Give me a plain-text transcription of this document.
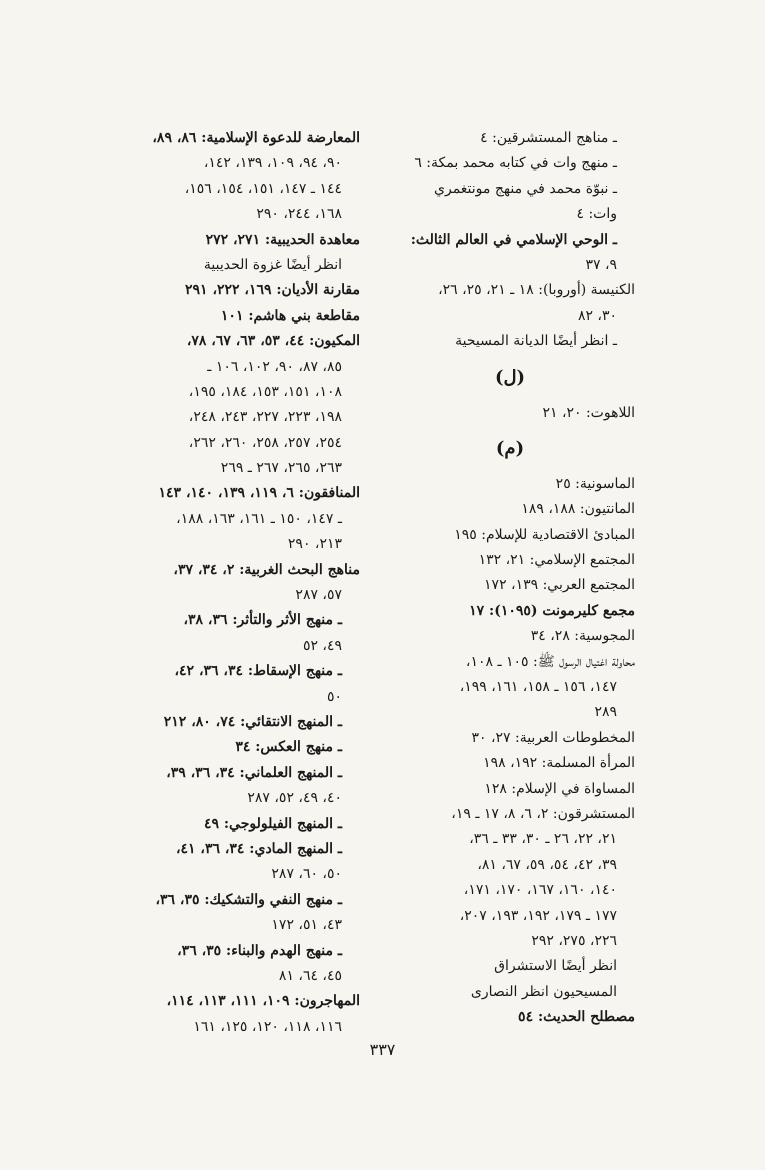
ـ مناهج المستشرقين: ٤
ـ منهج وات في كتابه محمد بمكة: ٦
ـ نبوّة محمد في منهج مونتغمري
وات: ٤
ـ الوحي الإسلامي في العالم الثالث:
٩، ٣٧
الكنيسة (أوروبا): ١٨ ـ ٢١، ٢٥، ٢٦،
٣٠، ٨٢
ـ انظر أيضًا الديانة المسيحية
(ل)
اللاهوت: ٢٠، ٢١
(م)
الماسونية: ٢٥
المانتيون: ١٨٨، ١٨٩
المبادئ الاقتصادية للإسلام: ١٩٥
المجتمع الإسلامي: ٢١، ١٣٢
المجتمع العربي: ١٣٩، ١٧٢
مجمع كليرمونت (١٠٩٥): ١٧
المجوسية: ٢٨، ٣٤
محاولة اغتيال الرسول ﷺ: ١٠٥ ـ ١٠٨،
١٤٧، ١٥٦ ـ ١٥٨، ١٦١، ١٩٩،
٢٨٩
المخطوطات العربية: ٢٧، ٣٠
المرأة المسلمة: ١٩٢، ١٩٨
المساواة في الإسلام: ١٢٨
المستشرقون: ٢، ٦، ٨، ١٧ ـ ١٩،
٢١، ٢٢، ٢٦ ـ ٣٠، ٣٣ ـ ٣٦،
٣٩، ٤٢، ٥٤، ٥٩، ٦٧، ٨١،
١٤٠، ١٦٠، ١٦٧، ١٧٠، ١٧١،
١٧٧ ـ ١٧٩، ١٩٢، ١٩٣، ٢٠٧،
٢٢٦، ٢٧٥، ٢٩٢
انظر أيضًا الاستشراق
المسيحيون انظر النصارى
مصطلح الحديث: ٥٤
المعارضة للدعوة الإسلامية: ٨٦، ٨٩،
٩٠، ٩٤، ١٠٩، ١٣٩، ١٤٢،
١٤٤ ـ ١٤٧، ١٥١، ١٥٤، ١٥٦،
١٦٨، ٢٤٤، ٢٩٠
معاهدة الحديبية: ٢٧١، ٢٧٢
انظر أيضًا غزوة الحديبية
مقارنة الأديان: ١٦٩، ٢٢٢، ٢٩١
مقاطعة بني هاشم: ١٠١
المكيون: ٤٤، ٥٣، ٦٣، ٦٧، ٧٨،
٨٥، ٨٧، ٩٠، ١٠٢، ١٠٦ ـ
١٠٨، ١٥١، ١٥٣، ١٨٤، ١٩٥،
١٩٨، ٢٢٣، ٢٢٧، ٢٤٣، ٢٤٨،
٢٥٤، ٢٥٧، ٢٥٨، ٢٦٠، ٢٦٢،
٢٦٣، ٢٦٥، ٢٦٧ ـ ٢٦٩
المنافقون: ٦، ١١٩، ١٣٩، ١٤٠، ١٤٣
ـ ١٤٧، ١٥٠ ـ ١٦١، ١٦٣، ١٨٨،
٢١٣، ٢٩٠
مناهج البحث الغربية: ٢، ٣٤، ٣٧،
٥٧، ٢٨٧
ـ منهج الأثر والتأثر: ٣٦، ٣٨،
٤٩، ٥٢
ـ منهج الإسقاط: ٣٤، ٣٦، ٤٢،
٥٠
ـ المنهج الانتقائي: ٧٤، ٨٠، ٢١٢
ـ منهج العكس: ٣٤
ـ المنهج العلماني: ٣٤، ٣٦، ٣٩،
٤٠، ٤٩، ٥٢، ٢٨٧
ـ المنهج الفيلولوجي: ٤٩
ـ المنهج المادي: ٣٤، ٣٦، ٤١،
٥٠، ٦٠، ٢٨٧
ـ منهج النفي والتشكيك: ٣٥، ٣٦،
٤٣، ٥١، ١٧٢
ـ منهج الهدم والبناء: ٣٥، ٣٦،
٤٥، ٦٤، ٨١
المهاجرون: ١٠٩، ١١١، ١١٣، ١١٤،
١١٦، ١١٨، ١٢٠، ١٢٥، ١٦١
٣٣٧
